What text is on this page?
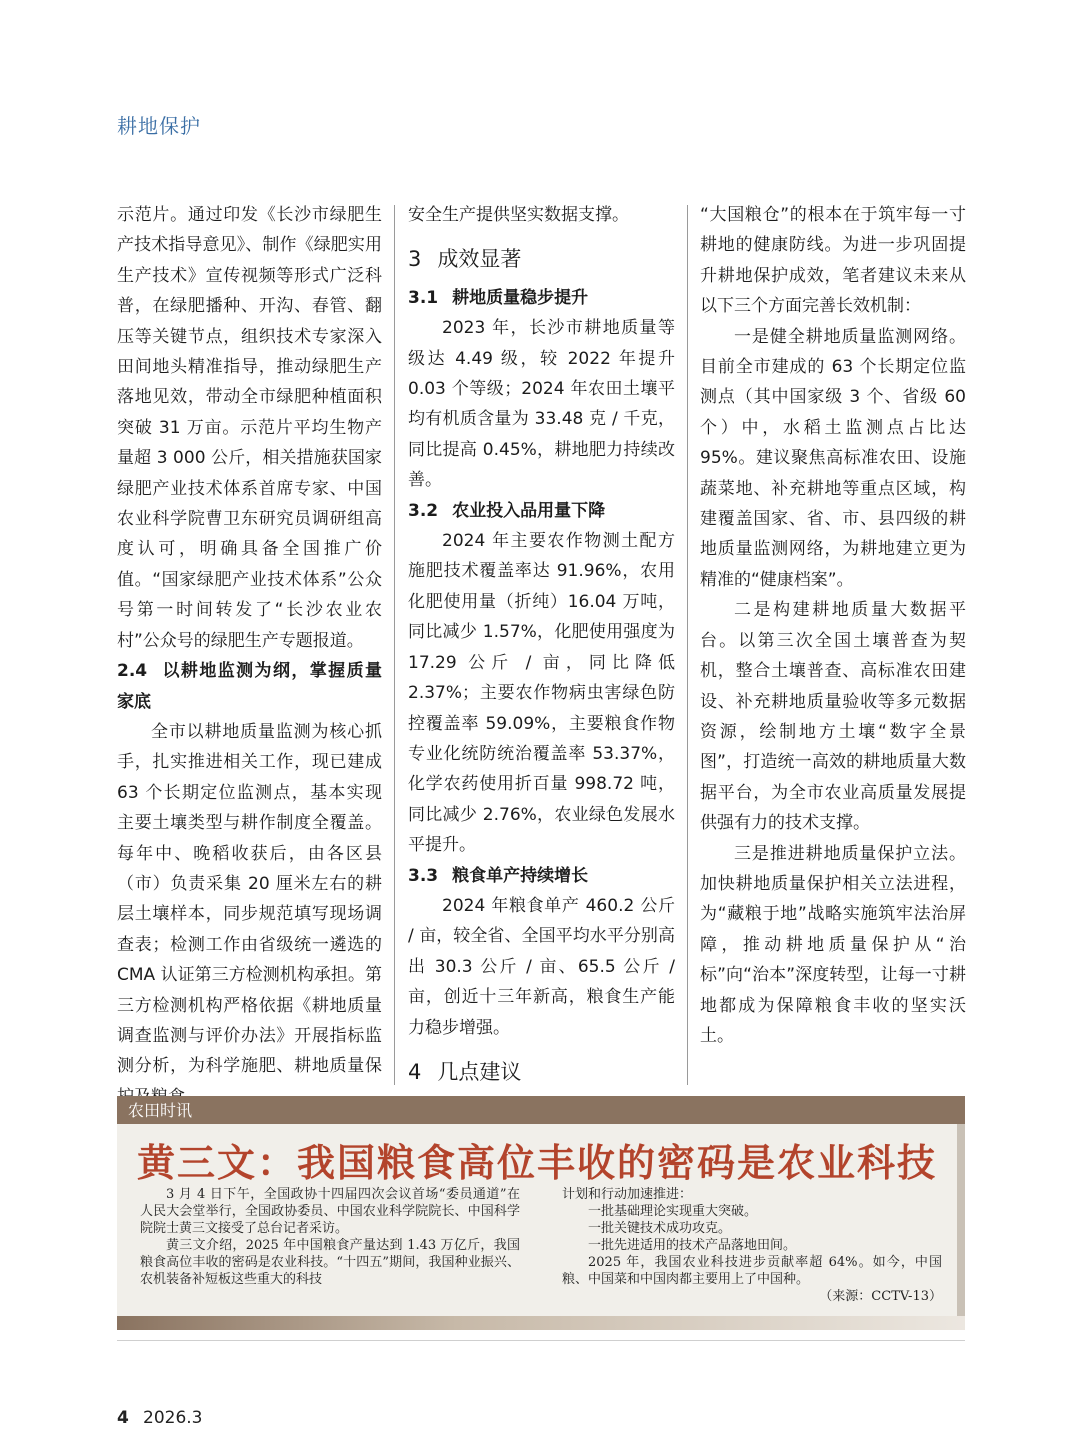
耕地保护

示范片。通过印发《长沙市绿肥生产技术指导意见》、制作《绿肥实用生产技术》宣传视频等形式广泛科普，在绿肥播种、开沟、春管、翻压等关键节点，组织技术专家深入田间地头精准指导，推动绿肥生产落地见效，带动全市绿肥种植面积突破 31 万亩。示范片平均生物产量超 3 000 公斤，相关措施获国家绿肥产业技术体系首席专家、中国农业科学院曹卫东研究员调研组高度认可，明确具备全国推广价值。“国家绿肥产业技术体系”公众号第一时间转发了“长沙农业农村”公众号的绿肥生产专题报道。

2.4 以耕地监测为纲，掌握质量家底

全市以耕地质量监测为核心抓手，扎实推进相关工作，现已建成 63 个长期定位监测点，基本实现主要土壤类型与耕作制度全覆盖。每年中、晚稻收获后，由各区县（市）负责采集 20 厘米左右的耕层土壤样本，同步规范填写现场调查表；检测工作由省级统一遴选的 CMA 认证第三方检测机构承担。第三方检测机构严格依据《耕地质量调查监测与评价办法》开展指标监测分析，为科学施肥、耕地质量保

安全生产提供坚实数据支撑。

3 成效显著
3.1 耕地质量稳步提升

2023 年，长沙市耕地质量等级达 4.49 级，较 2022 年提升 0.03 个等级；2024 年农田土壤平均有机质含量为 33.48 克 / 千克，同比提高 0.45%，耕地肥力持续改善。

3.2 农业投入品用量下降

2024 年主要农作物测土配方施肥技术覆盖率达 91.96%，农用化肥使用量（折纯）16.04 万吨，同比减少 1.57%，化肥使用强度为 17.29 公斤 / 亩，同比降低 2.37%；主要农作物病虫害绿色防控覆盖率 59.09%，主要粮食作物专业化统防统治覆盖率 53.37%，化学农药使用折百量 998.72 吨，同比减少 2.76%，农业绿色发展水平提升。

3.3 粮食单产持续增长

2024 年粮食单产 460.2 公斤 / 亩，较全省、全国平均水平分别高出 30.3 公斤 / 亩、65.5 公斤 / 亩，创近十三年新高，粮食生产能力稳步增强。

4 几点建议

“大国粮仓”的根本在于筑牢每一寸耕地的健康防线。为进一步巩固提升耕地保护成效，笔者建议未来从以下三个方面完善长效机制：

一是健全耕地质量监测网络。目前全市建成的 63 个长期定位监测点（其中国家级 3 个、省级 60 个）中，水稻土监测点占比达 95%。建议聚焦高标准农田、设施蔬菜地、补充耕地等重点区域，构建覆盖国家、省、市、县四级的耕地质量监测网络，为耕地建立更为精准的“健康档案”。

二是构建耕地质量大数据平台。以第三次全国土壤普查为契机，整合土壤普查、高标准农田建设、补充耕地质量验收等多元数据资源，绘制地方土壤“数字全景图”，打造统一高效的耕地质量大数据平台，为全市农业高质量发展提供强有力的技术支撑。

三是推进耕地质量保护立法。加快耕地质量保护相关立法进程，为“藏粮于地”战略实施筑牢法治屏障，推动耕地质量保护从“治标”向“治本”深度转型，让每一寸耕地都成为保障粮食丰收的坚实沃土。

农田时讯
黄三文：我国粮食高位丰收的密码是农业科技

3 月 4 日下午，全国政协十四届四次会议首场“委员通道”在人民大会堂举行，全国政协委员、中国农业科学院院长、中国科学院院士黄三文接受了总台记者采访。

黄三文介绍，2025 年中国粮食产量达到 1.43 万亿斤，我国粮食高位丰收的密码是农业科技。“十四五”期间，我国种业振兴、农机装备补短板这些重大的科技

计划和行动加速推进：

一批基础理论实现重大突破。

一批关键技术成功攻克。

一批先进适用的技术产品落地田间。

2025 年，我国农业科技进步贡献率超 64%。如今，中国粮、中国菜和中国肉都主要用上了中国种。

（来源：CCTV-13）

4 2026.3
